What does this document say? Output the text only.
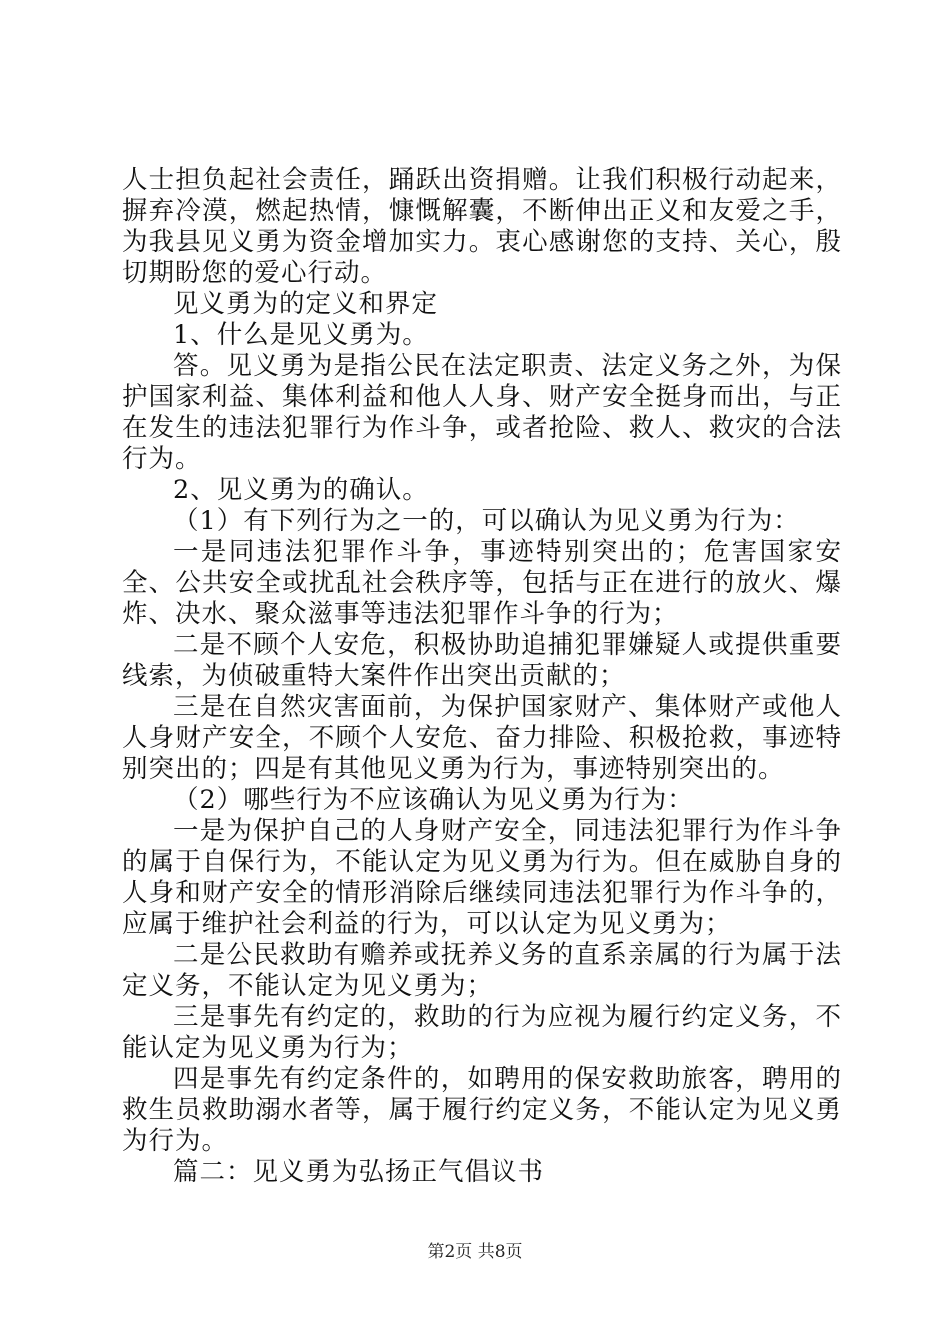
人士担负起社会责任，踊跃出资捐赠。让我们积极行动起来，摒弃冷漠，燃起热情，慷慨解囊，不断伸出正义和友爱之手，为我县见义勇为资金增加实力。衷心感谢您的支持、关心，殷切期盼您的爱心行动。

见义勇为的定义和界定

1、什么是见义勇为。

答。见义勇为是指公民在法定职责、法定义务之外，为保护国家利益、集体利益和他人人身、财产安全挺身而出，与正在发生的违法犯罪行为作斗争，或者抢险、救人、救灾的合法行为。

2、见义勇为的确认。

（1）有下列行为之一的，可以确认为见义勇为行为：

一是同违法犯罪作斗争，事迹特别突出的；危害国家安全、公共安全或扰乱社会秩序等，包括与正在进行的放火、爆炸、决水、聚众滋事等违法犯罪作斗争的行为；

二是不顾个人安危，积极协助追捕犯罪嫌疑人或提供重要线索，为侦破重特大案件作出突出贡献的；

三是在自然灾害面前，为保护国家财产、集体财产或他人人身财产安全，不顾个人安危、奋力排险、积极抢救，事迹特别突出的；四是有其他见义勇为行为，事迹特别突出的。

（2）哪些行为不应该确认为见义勇为行为：

一是为保护自己的人身财产安全，同违法犯罪行为作斗争的属于自保行为，不能认定为见义勇为行为。但在威胁自身的人身和财产安全的情形消除后继续同违法犯罪行为作斗争的，应属于维护社会利益的行为，可以认定为见义勇为；

二是公民救助有赡养或抚养义务的直系亲属的行为属于法定义务，不能认定为见义勇为；

三是事先有约定的，救助的行为应视为履行约定义务，不能认定为见义勇为行为；

四是事先有约定条件的，如聘用的保安救助旅客，聘用的救生员救助溺水者等，属于履行约定义务，不能认定为见义勇为行为。

篇二：见义勇为弘扬正气倡议书

第2页 共8页
